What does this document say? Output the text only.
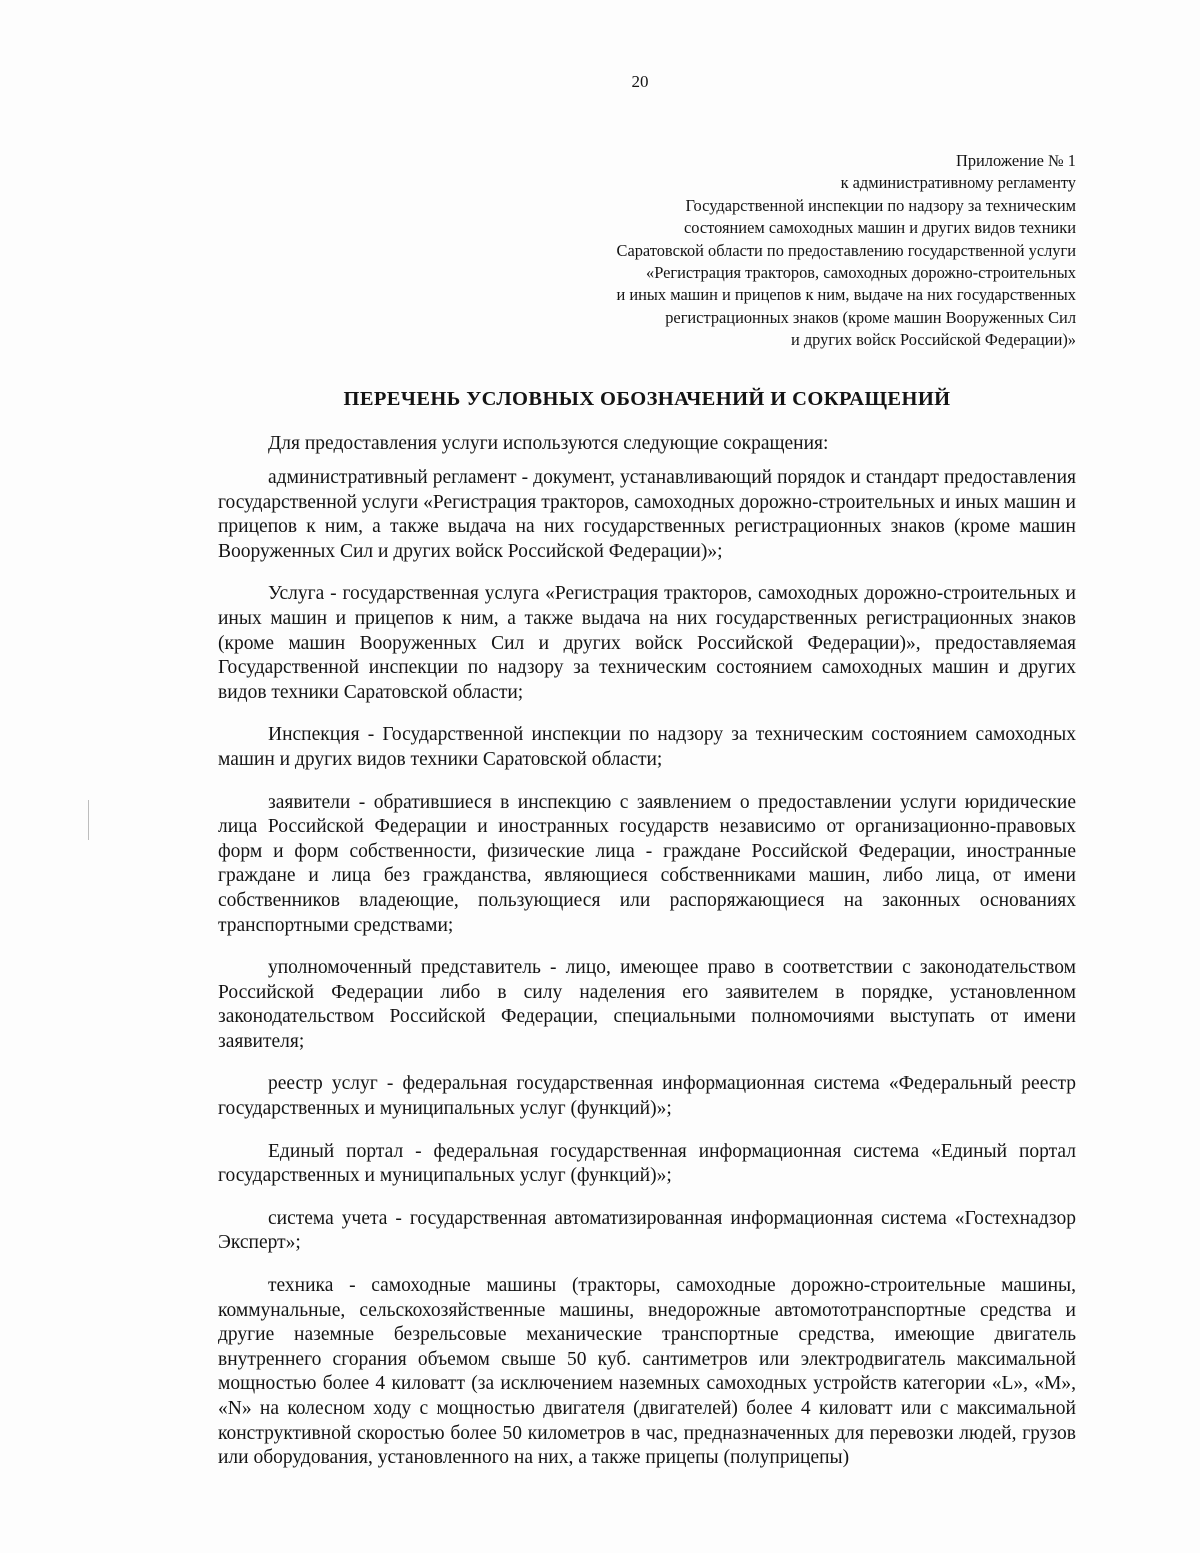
20
Приложение № 1
к административному регламенту
Государственной инспекции по надзору за техническим
состоянием самоходных машин и других видов техники
Саратовской области по предоставлению государственной услуги
«Регистрация тракторов, самоходных дорожно-строительных
и иных машин и прицепов к ним, выдаче на них государственных
регистрационных знаков (кроме машин Вооруженных Сил
и других войск Российской Федерации)»
ПЕРЕЧЕНЬ УСЛОВНЫХ ОБОЗНАЧЕНИЙ И СОКРАЩЕНИЙ
Для предоставления услуги используются следующие сокращения:

административный регламент - документ, устанавливающий порядок и стандарт предоставления государственной услуги «Регистрация тракторов, самоходных дорожно-строительных и иных машин и прицепов к ним, а также выдача на них государственных регистрационных знаков (кроме машин Вооруженных Сил и других войск Российской Федерации)»;

Услуга - государственная услуга «Регистрация тракторов, самоходных дорожно-строительных и иных машин и прицепов к ним, а также выдача на них государственных регистрационных знаков (кроме машин Вооруженных Сил и других войск Российской Федерации)», предоставляемая Государственной инспекции по надзору за техническим состоянием самоходных машин и других видов техники Саратовской области;

Инспекция - Государственной инспекции по надзору за техническим состоянием самоходных машин и других видов техники Саратовской области;

заявители - обратившиеся в инспекцию с заявлением о предоставлении услуги юридические лица Российской Федерации и иностранных государств независимо от организационно-правовых форм и форм собственности, физические лица - граждане Российской Федерации, иностранные граждане и лица без гражданства, являющиеся собственниками машин, либо лица, от имени собственников владеющие, пользующиеся или распоряжающиеся на законных основаниях транспортными средствами;

уполномоченный представитель - лицо, имеющее право в соответствии с законодательством Российской Федерации либо в силу наделения его заявителем в порядке, установленном законодательством Российской Федерации, специальными полномочиями выступать от имени заявителя;

реестр услуг - федеральная государственная информационная система «Федеральный реестр государственных и муниципальных услуг (функций)»;

Единый портал - федеральная государственная информационная система «Единый портал государственных и муниципальных услуг (функций)»;

система учета - государственная автоматизированная информационная система «Гостехнадзор Эксперт»;

техника - самоходные машины (тракторы, самоходные дорожно-строительные машины, коммунальные, сельскохозяйственные машины, внедорожные автомототранспортные средства и другие наземные безрельсовые механические транспортные средства, имеющие двигатель внутреннего сгорания объемом свыше 50 куб. сантиметров или электродвигатель максимальной мощностью более 4 киловатт (за исключением наземных самоходных устройств категории «L», «M», «N» на колесном ходу с мощностью двигателя (двигателей) более 4 киловатт или с максимальной конструктивной скоростью более 50 километров в час, предназначенных для перевозки людей, грузов или оборудования, установленного на них, а также прицепы (полуприцепы)
